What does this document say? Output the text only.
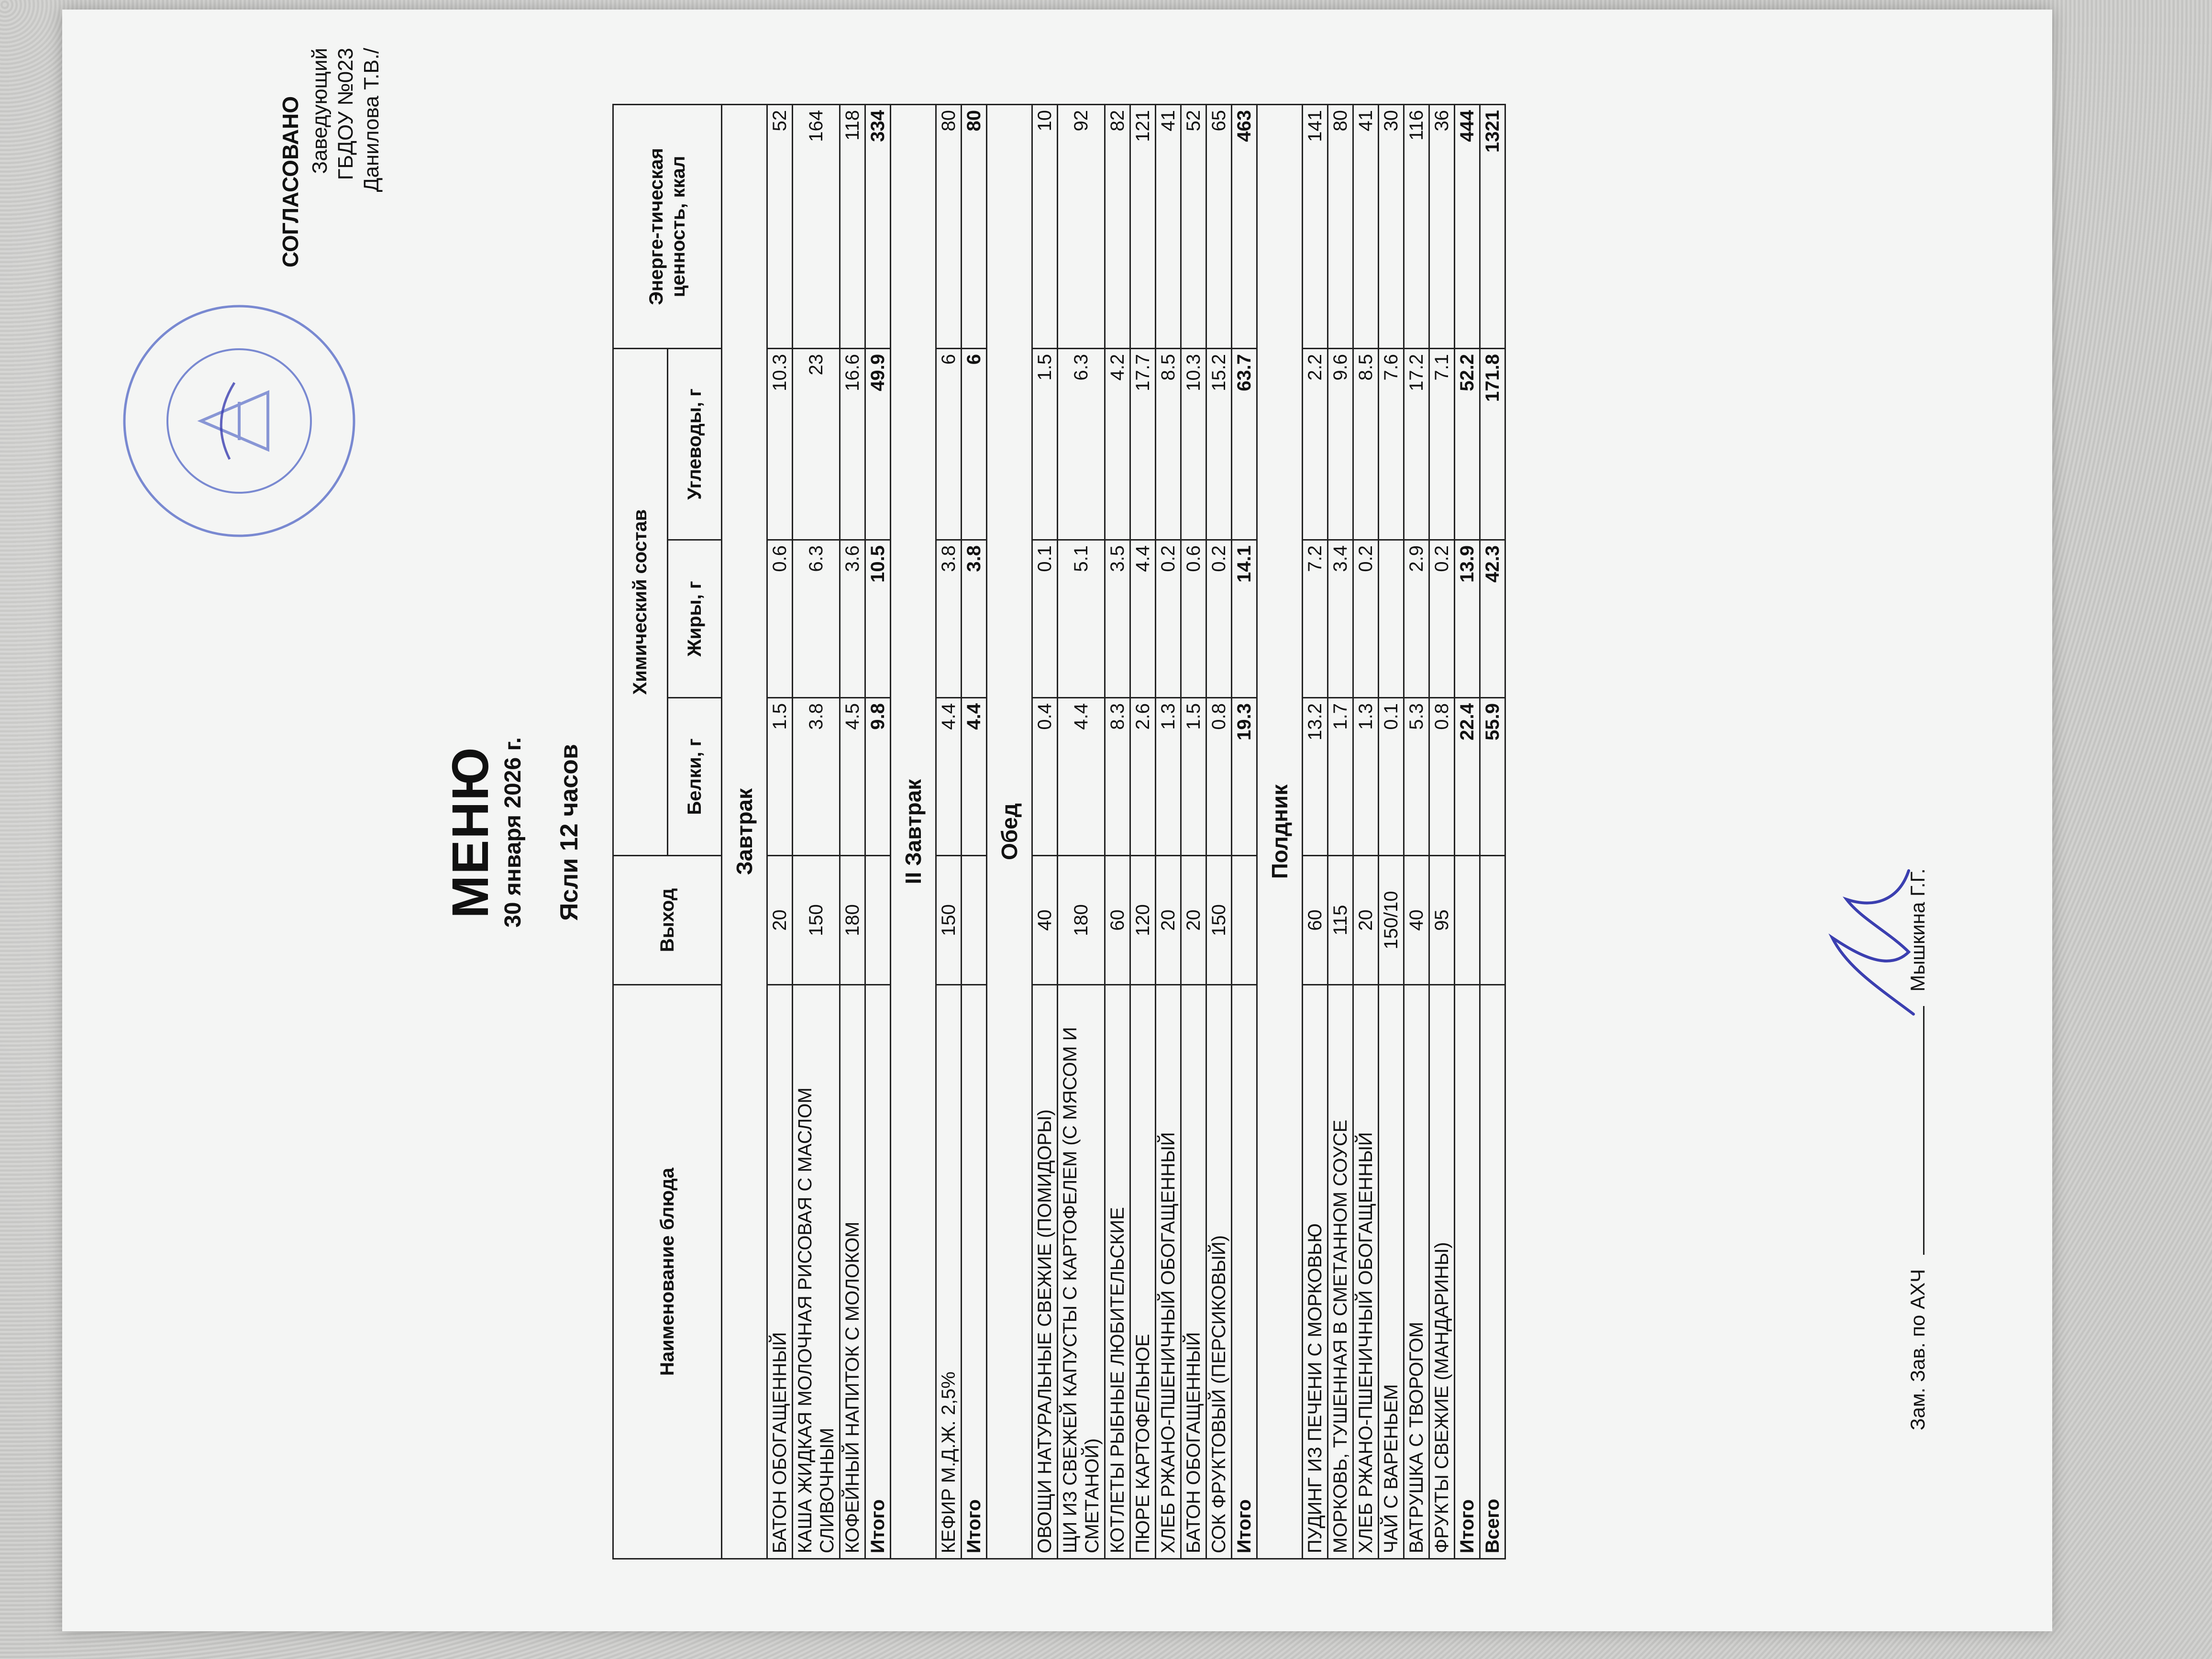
СОГЛАСОВАНО Заведующий ГБДОУ №023 Данилова Т.В./
МЕНЮ 30 января 2026 г. Ясли 12 часов
Наименование блюда	Выход	Химический состав			Энерге-тическая ценность, ккал
		Белки, г	Жиры, г	Углеводы, г	
Завтрак					
БАТОН ОБОГАЩЕННЫЙ	20	1.5	0.6	10.3	52
КАША ЖИДКАЯ МОЛОЧНАЯ РИСОВАЯ С МАСЛОМ СЛИВОЧНЫМ	150	3.8	6.3	23	164
КОФЕЙНЫЙ НАПИТОК С МОЛОКОМ	180	4.5	3.6	16.6	118
Итого		9.8	10.5	49.9	334
II Завтрак					
КЕФИР М.Д.Ж. 2,5%	150	4.4	3.8	6	80
Итого		4.4	3.8	6	80
Обед					
ОВОЩИ НАТУРАЛЬНЫЕ СВЕЖИЕ (ПОМИДОРЫ)	40	0.4	0.1	1.5	10
ЩИ ИЗ СВЕЖЕЙ КАПУСТЫ С КАРТОФЕЛЕМ (С МЯСОМ И СМЕТАНОЙ)	180	4.4	5.1	6.3	92
КОТЛЕТЫ РЫБНЫЕ ЛЮБИТЕЛЬСКИЕ	60	8.3	3.5	4.2	82
ПЮРЕ КАРТОФЕЛЬНОЕ	120	2.6	4.4	17.7	121
ХЛЕБ РЖАНО-ПШЕНИЧНЫЙ ОБОГАЩЕННЫЙ	20	1.3	0.2	8.5	41
БАТОН ОБОГАЩЕННЫЙ	20	1.5	0.6	10.3	52
СОК ФРУКТОВЫЙ (ПЕРСИКОВЫЙ)	150	0.8	0.2	15.2	65
Итого		19.3	14.1	63.7	463
Полдник					
ПУДИНГ ИЗ ПЕЧЕНИ С МОРКОВЬЮ	60	13.2	7.2	2.2	141
МОРКОВЬ, ТУШЕННАЯ В СМЕТАННОМ СОУСЕ	115	1.7	3.4	9.6	80
ХЛЕБ РЖАНО-ПШЕНИЧНЫЙ ОБОГАЩЕННЫЙ	20	1.3	0.2	8.5	41
ЧАЙ С ВАРЕНЬЕМ	150/10	0.1		7.6	30
ВАТРУШКА С ТВОРОГОМ	40	5.3	2.9	17.2	116
ФРУКТЫ СВЕЖИЕ (МАНДАРИНЫ)	95	0.8	0.2	7.1	36
Итого		22.4	13.9	52.2	444
Всего		55.9	42.3	171.8	1321
Зам. Зав. по АХЧМышкина Г.Г.
